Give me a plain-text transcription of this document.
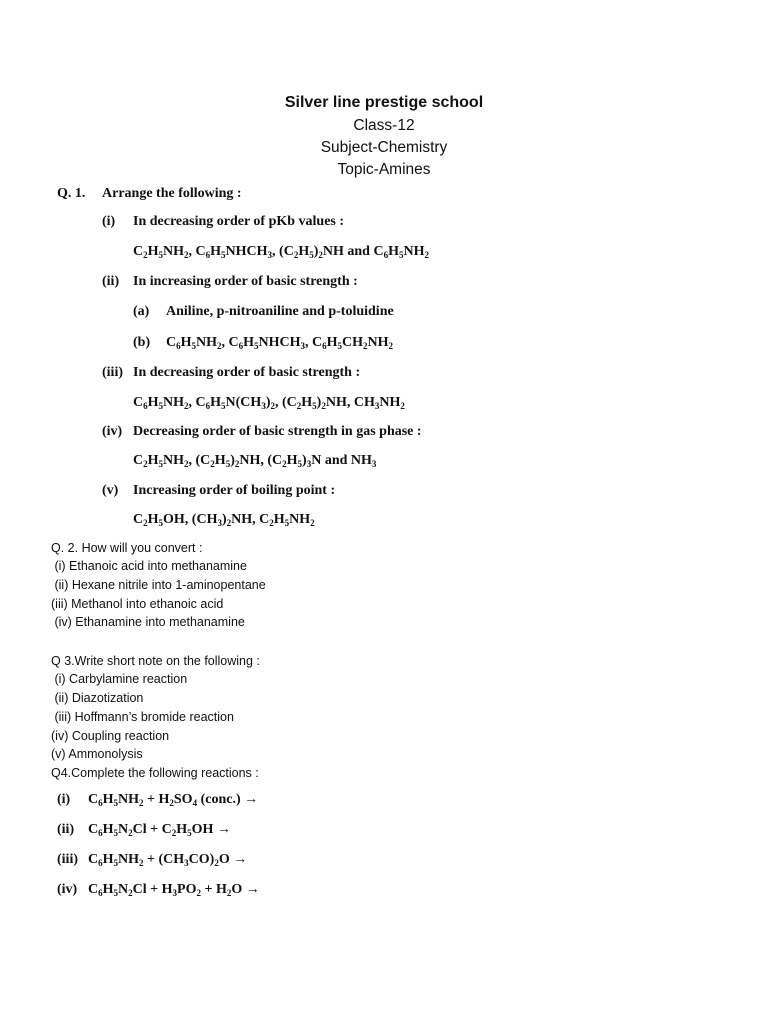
Silver line prestige school
Class-12
Subject-Chemistry
Topic-Amines
Q. 1. Arrange the following :
(i) In decreasing order of pKb values :
$C_2H_5NH_2$, $C_6H_5NHCH_3$, $(C_2H_5)_2NH$ and $C_6H_5NH_2$
(ii) In increasing order of basic strength :
(a) Aniline, p-nitroaniline and p-toluidine
(b) $C_6H_5NH_2$, $C_6H_5NHCH_3$, $C_6H_5CH_2NH_2$
(iii) In decreasing order of basic strength :
$C_6H_5NH_2$, $C_6H_5N(CH_3)_2$, $(C_2H_5)_2NH$, $CH_3NH_2$
(iv) Decreasing order of basic strength in gas phase :
$C_2H_5NH_2$, $(C_2H_5)_2NH$, $(C_2H_5)_3N$ and $NH_3$
(v) Increasing order of boiling point :
$C_2H_5OH$, $(CH_3)_2NH$, $C_2H_5NH_2$
Q. 2. How will you convert :
(i) Ethanoic acid into methanamine
(ii) Hexane nitrile into 1-aminopentane
(iii) Methanol into ethanoic acid
(iv) Ethanamine into methanamine
Q 3.Write short note on the following :
(i) Carbylamine reaction
(ii) Diazotization
(iii) Hoffmann’s bromide reaction
(iv) Coupling reaction
(v) Ammonolysis
Q4.Complete the following reactions :
(i) $C_6H_5NH_2 + H_2SO_4$ (conc.) →
(ii) $C_6H_5N_2Cl + C_2H_5OH$ →
(iii) $C_6H_5NH_2 + (CH_3CO)_2O$ →
(iv) $C_6H_5N_2Cl + H_3PO_2 + H_2O$ →
